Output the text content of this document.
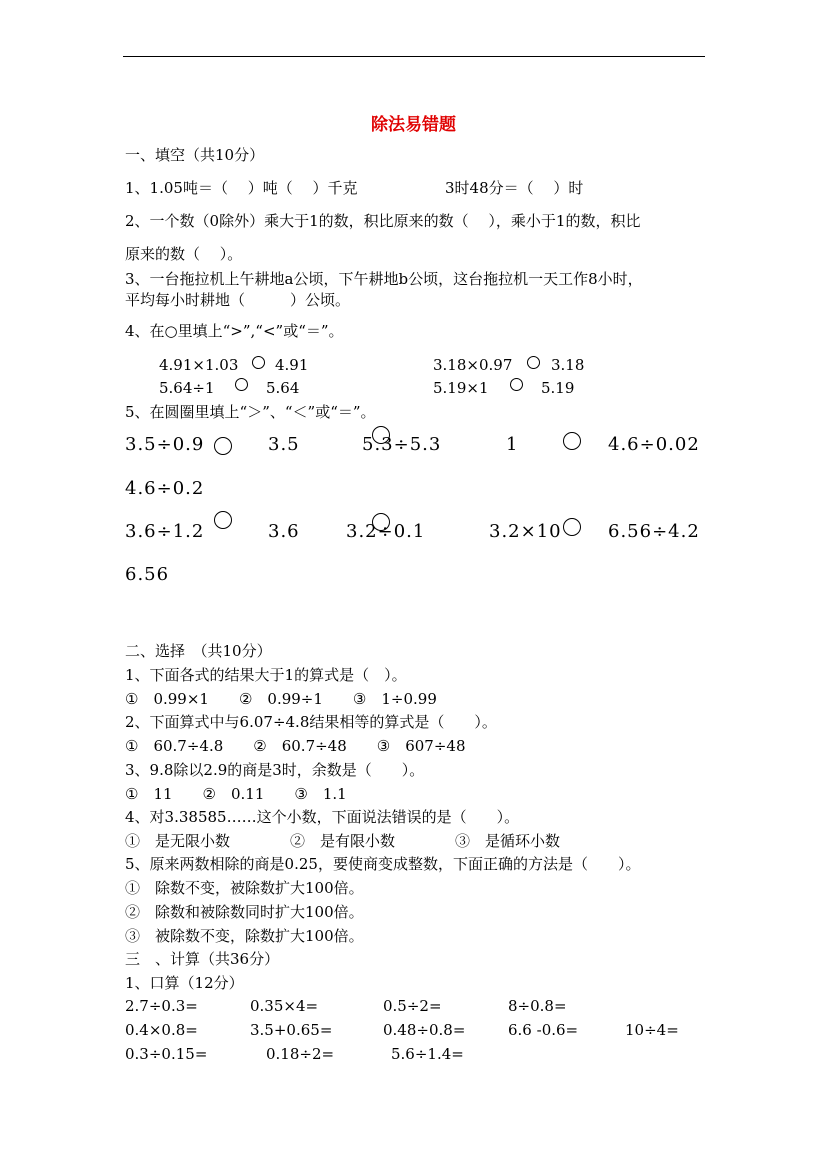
除法易错题
一、填空（共10分）
1、1.05吨＝（　 ）吨（　 ）千克	3时48分＝（　 ）时
2、一个数（0除外）乘大于1的数，积比原来的数（　 ），乘小于1的数，积比
原来的数（　 ）。
3、一台拖拉机上午耕地a公顷，下午耕地b公顷，这台拖拉机一天工作8小时，
平均每小时耕地（　　　）公顷。
4、在○里填上“>”,“<”或“＝”。
4.91×1.03 4.91	3.18×0.97	3.18
5.64÷1	5.64	5.19×1	5.19
5、在圆圈里填上“＞”、“＜”或“＝”。
3.5÷0.9	3.5	5.3÷5.3	1	4.6÷0.02
4.6÷0.2
3.6÷1.2	3.6	3.2÷0.1	3.2×10	6.56÷4.2
6.56
二、选择　（共10分）
1、下面各式的结果大于1的算式是（　）。
①　0.99×1　　②　0.99÷1　　③　1÷0.99
2、下面算式中与6.07÷4.8结果相等的算式是（　　）。
①　60.7÷4.8　　②　60.7÷48　　③　607÷48
3、9.8除以2.9的商是3时，余数是（　　）。
①　11　　②　0.11　　③　1.1
4、对3.38585……这个小数，下面说法错误的是（　　）。
①　是无限小数　　　　②　是有限小数　　　　③　是循环小数
5、原来两数相除的商是0.25，要使商变成整数，下面正确的方法是（　　）。
①　除数不变，被除数扩大100倍。
②　除数和被除数同时扩大100倍。
③　被除数不变，除数扩大100倍。
三　、计算（共36分）
1、口算（12分）
2.7÷0.3=	0.35×4=	0.5÷2=	8÷0.8=
0.4×0.8=	3.5+0.65=	0.48÷0.8=	6.6 -0.6=	10÷4=
0.3÷0.15=	0.18÷2=	5.6÷1.4=
